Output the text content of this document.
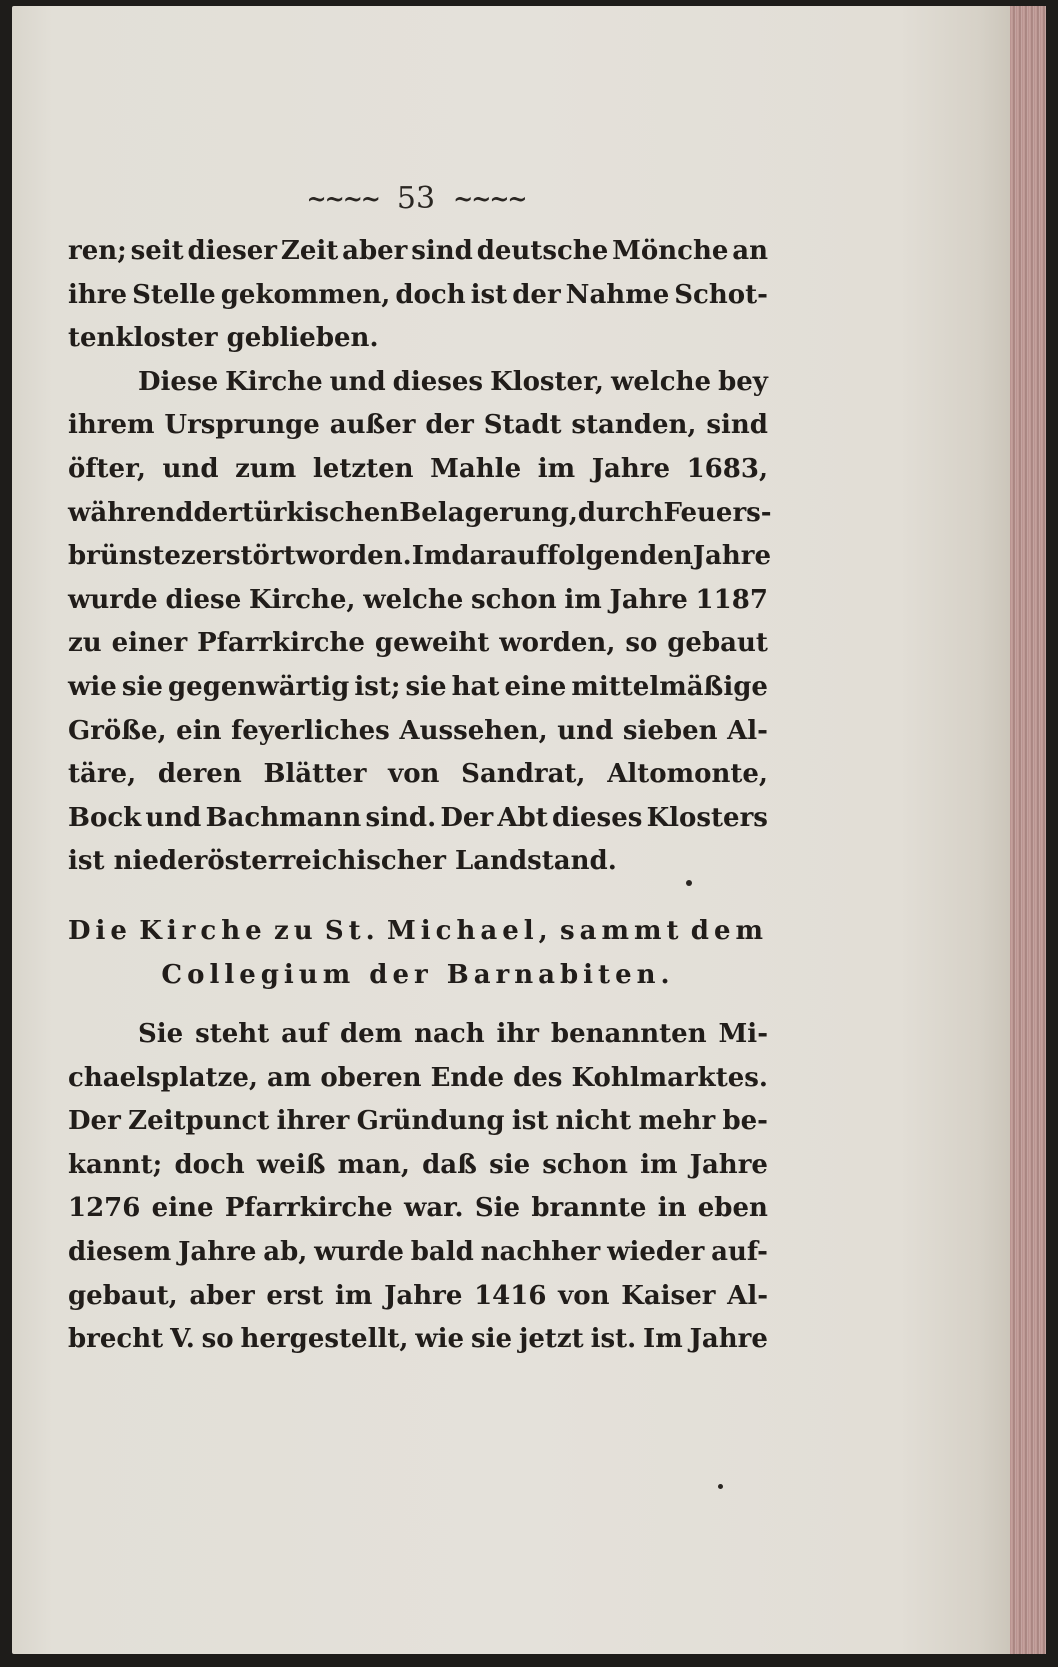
~~~~ 53 ~~~~
ren; seit dieser Zeit aber sind deutsche Mönche an
ihre Stelle gekommen, doch ist der Nahme Schot-
tenkloster geblieben.
Diese Kirche und dieses Kloster, welche bey
ihrem Ursprunge außer der Stadt standen, sind
öfter, und zum letzten Mahle im Jahre 1683,
während der türkischen Belagerung, durch Feuers-
brünste zerstört worden. Im darauf folgenden Jahre
wurde diese Kirche, welche schon im Jahre 1187
zu einer Pfarrkirche geweiht worden, so gebaut
wie sie gegenwärtig ist; sie hat eine mittelmäßige
Größe, ein feyerliches Aussehen, und sieben Al-
täre, deren Blätter von Sandrat, Altomonte,
Bock und Bachmann sind. Der Abt dieses Klosters
ist niederösterreichischer Landstand.
Die Kirche zu St. Michael, sammt dem
Collegium der Barnabiten.
Sie steht auf dem nach ihr benannten Mi-
chaelsplatze, am oberen Ende des Kohlmarktes.
Der Zeitpunct ihrer Gründung ist nicht mehr be-
kannt; doch weiß man, daß sie schon im Jahre
1276 eine Pfarrkirche war. Sie brannte in eben
diesem Jahre ab, wurde bald nachher wieder auf-
gebaut, aber erst im Jahre 1416 von Kaiser Al-
brecht V. so hergestellt, wie sie jetzt ist. Im Jahre
